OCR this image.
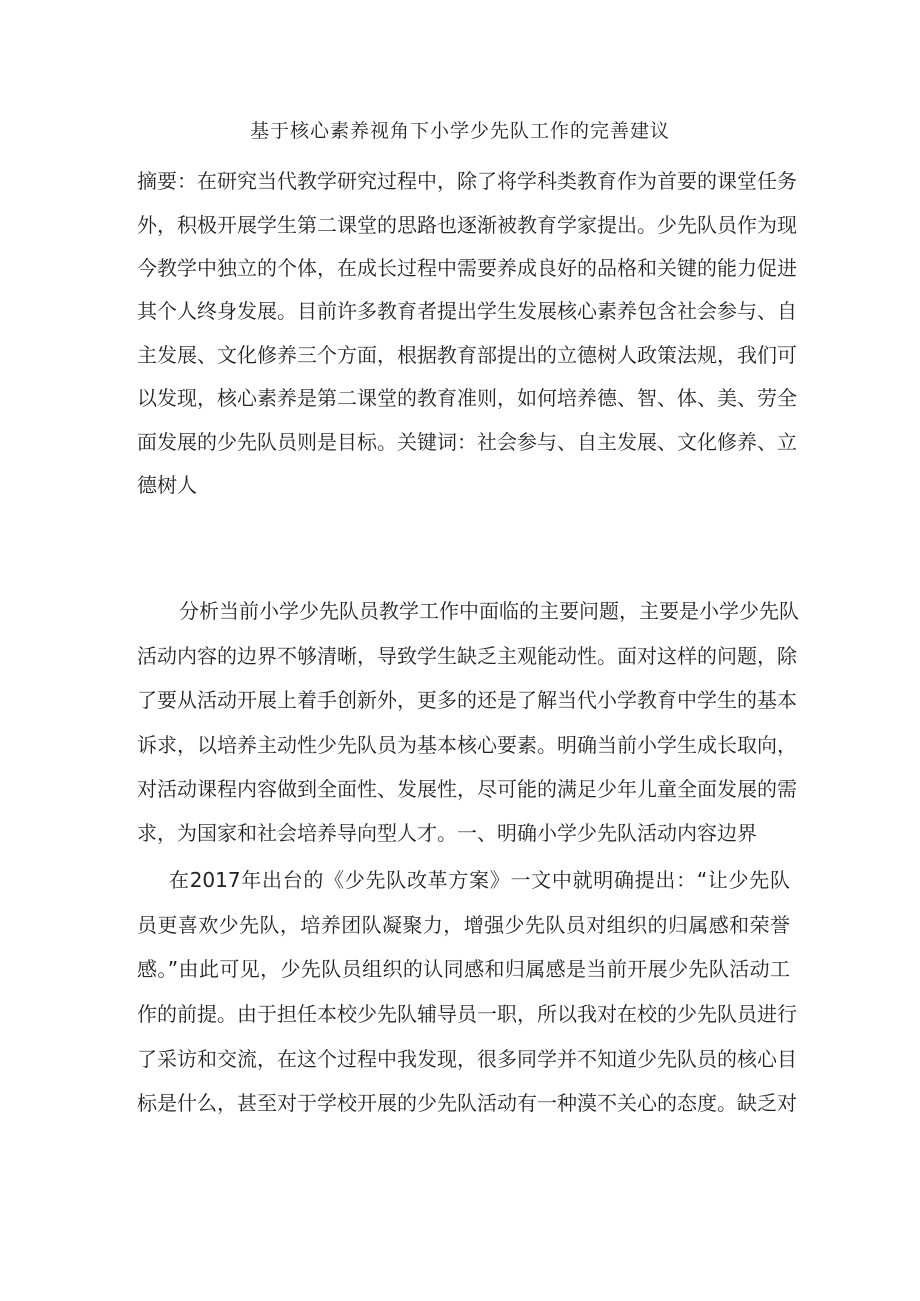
基于核心素养视角下小学少先队工作的完善建议
摘要：在研究当代教学研究过程中，除了将学科类教育作为首要的课堂任务
外，积极开展学生第二课堂的思路也逐渐被教育学家提出。少先队员作为现
今教学中独立的个体，在成长过程中需要养成良好的品格和关键的能力促进
其个人终身发展。目前许多教育者提出学生发展核心素养包含社会参与、自
主发展、文化修养三个方面，根据教育部提出的立德树人政策法规，我们可
以发现，核心素养是第二课堂的教育准则，如何培养德、智、体、美、劳全
面发展的少先队员则是目标。关键词：社会参与、自主发展、文化修养、立
德树人
分析当前小学少先队员教学工作中面临的主要问题，主要是小学少先队
活动内容的边界不够清晰，导致学生缺乏主观能动性。面对这样的问题，除
了要从活动开展上着手创新外，更多的还是了解当代小学教育中学生的基本
诉求，以培养主动性少先队员为基本核心要素。明确当前小学生成长取向，
对活动课程内容做到全面性、发展性，尽可能的满足少年儿童全面发展的需
求，为国家和社会培养导向型人才。一、明确小学少先队活动内容边界
在2017年出台的《少先队改革方案》一文中就明确提出：“让少先队
员更喜欢少先队，培养团队凝聚力，增强少先队员对组织的归属感和荣誉
感。”由此可见，少先队员组织的认同感和归属感是当前开展少先队活动工
作的前提。由于担任本校少先队辅导员一职，所以我对在校的少先队员进行
了采访和交流，在这个过程中我发现，很多同学并不知道少先队员的核心目
标是什么，甚至对于学校开展的少先队活动有一种漠不关心的态度。缺乏对
